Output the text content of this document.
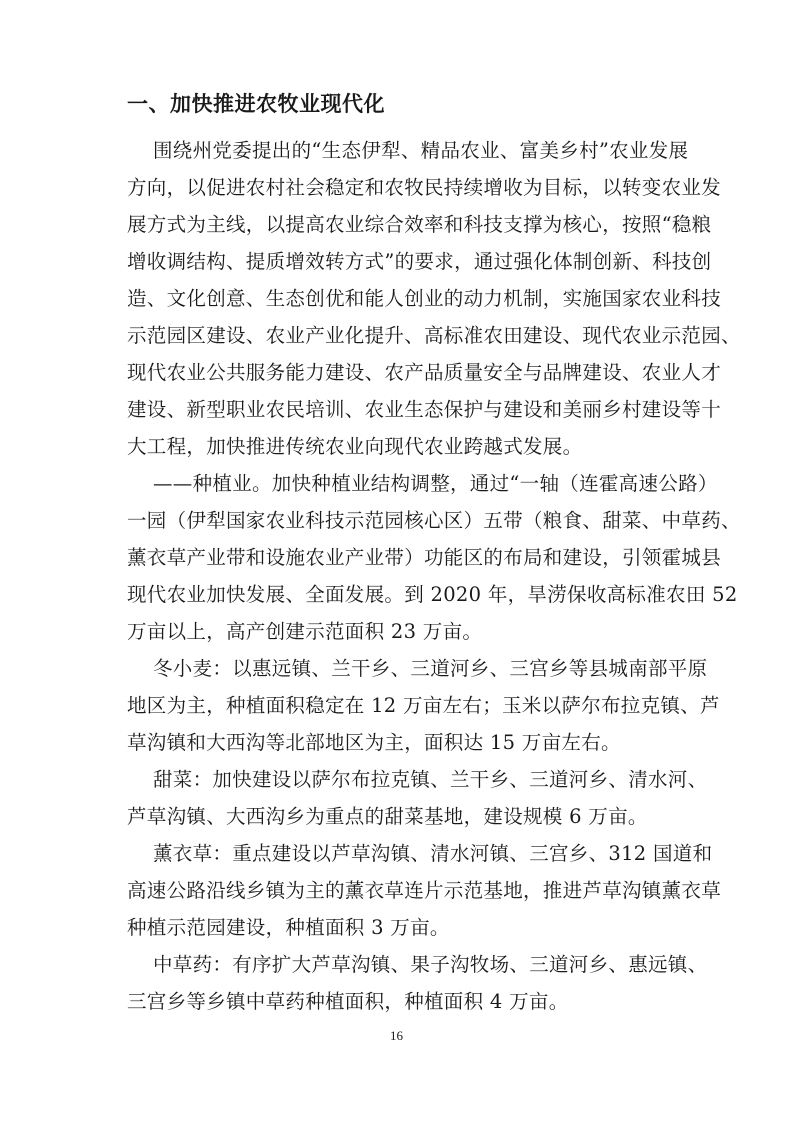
一、加快推进农牧业现代化

围绕州党委提出的“生态伊犁、精品农业、富美乡村”农业发展

方向，以促进农村社会稳定和农牧民持续增收为目标，以转变农业发

展方式为主线，以提高农业综合效率和科技支撑为核心，按照“稳粮

增收调结构、提质增效转方式”的要求，通过强化体制创新、科技创

造、文化创意、生态创优和能人创业的动力机制，实施国家农业科技

示范园区建设、农业产业化提升、高标准农田建设、现代农业示范园、

现代农业公共服务能力建设、农产品质量安全与品牌建设、农业人才

建设、新型职业农民培训、农业生态保护与建设和美丽乡村建设等十

大工程，加快推进传统农业向现代农业跨越式发展。

——种植业。加快种植业结构调整，通过“一轴（连霍高速公路）

一园（伊犁国家农业科技示范园核心区）五带（粮食、甜菜、中草药、

薰衣草产业带和设施农业产业带）功能区的布局和建设，引领霍城县

现代农业加快发展、全面发展。到 2020 年，旱涝保收高标准农田 52

万亩以上，高产创建示范面积 23 万亩。

冬小麦：以惠远镇、兰干乡、三道河乡、三宫乡等县城南部平原

地区为主，种植面积稳定在 12 万亩左右；玉米以萨尔布拉克镇、芦

草沟镇和大西沟等北部地区为主，面积达 15 万亩左右。

甜菜：加快建设以萨尔布拉克镇、兰干乡、三道河乡、清水河、

芦草沟镇、大西沟乡为重点的甜菜基地，建设规模 6 万亩。

薰衣草：重点建设以芦草沟镇、清水河镇、三宫乡、312 国道和

高速公路沿线乡镇为主的薰衣草连片示范基地，推进芦草沟镇薰衣草

种植示范园建设，种植面积 3 万亩。

中草药：有序扩大芦草沟镇、果子沟牧场、三道河乡、惠远镇、

三宫乡等乡镇中草药种植面积，种植面积 4 万亩。

16
